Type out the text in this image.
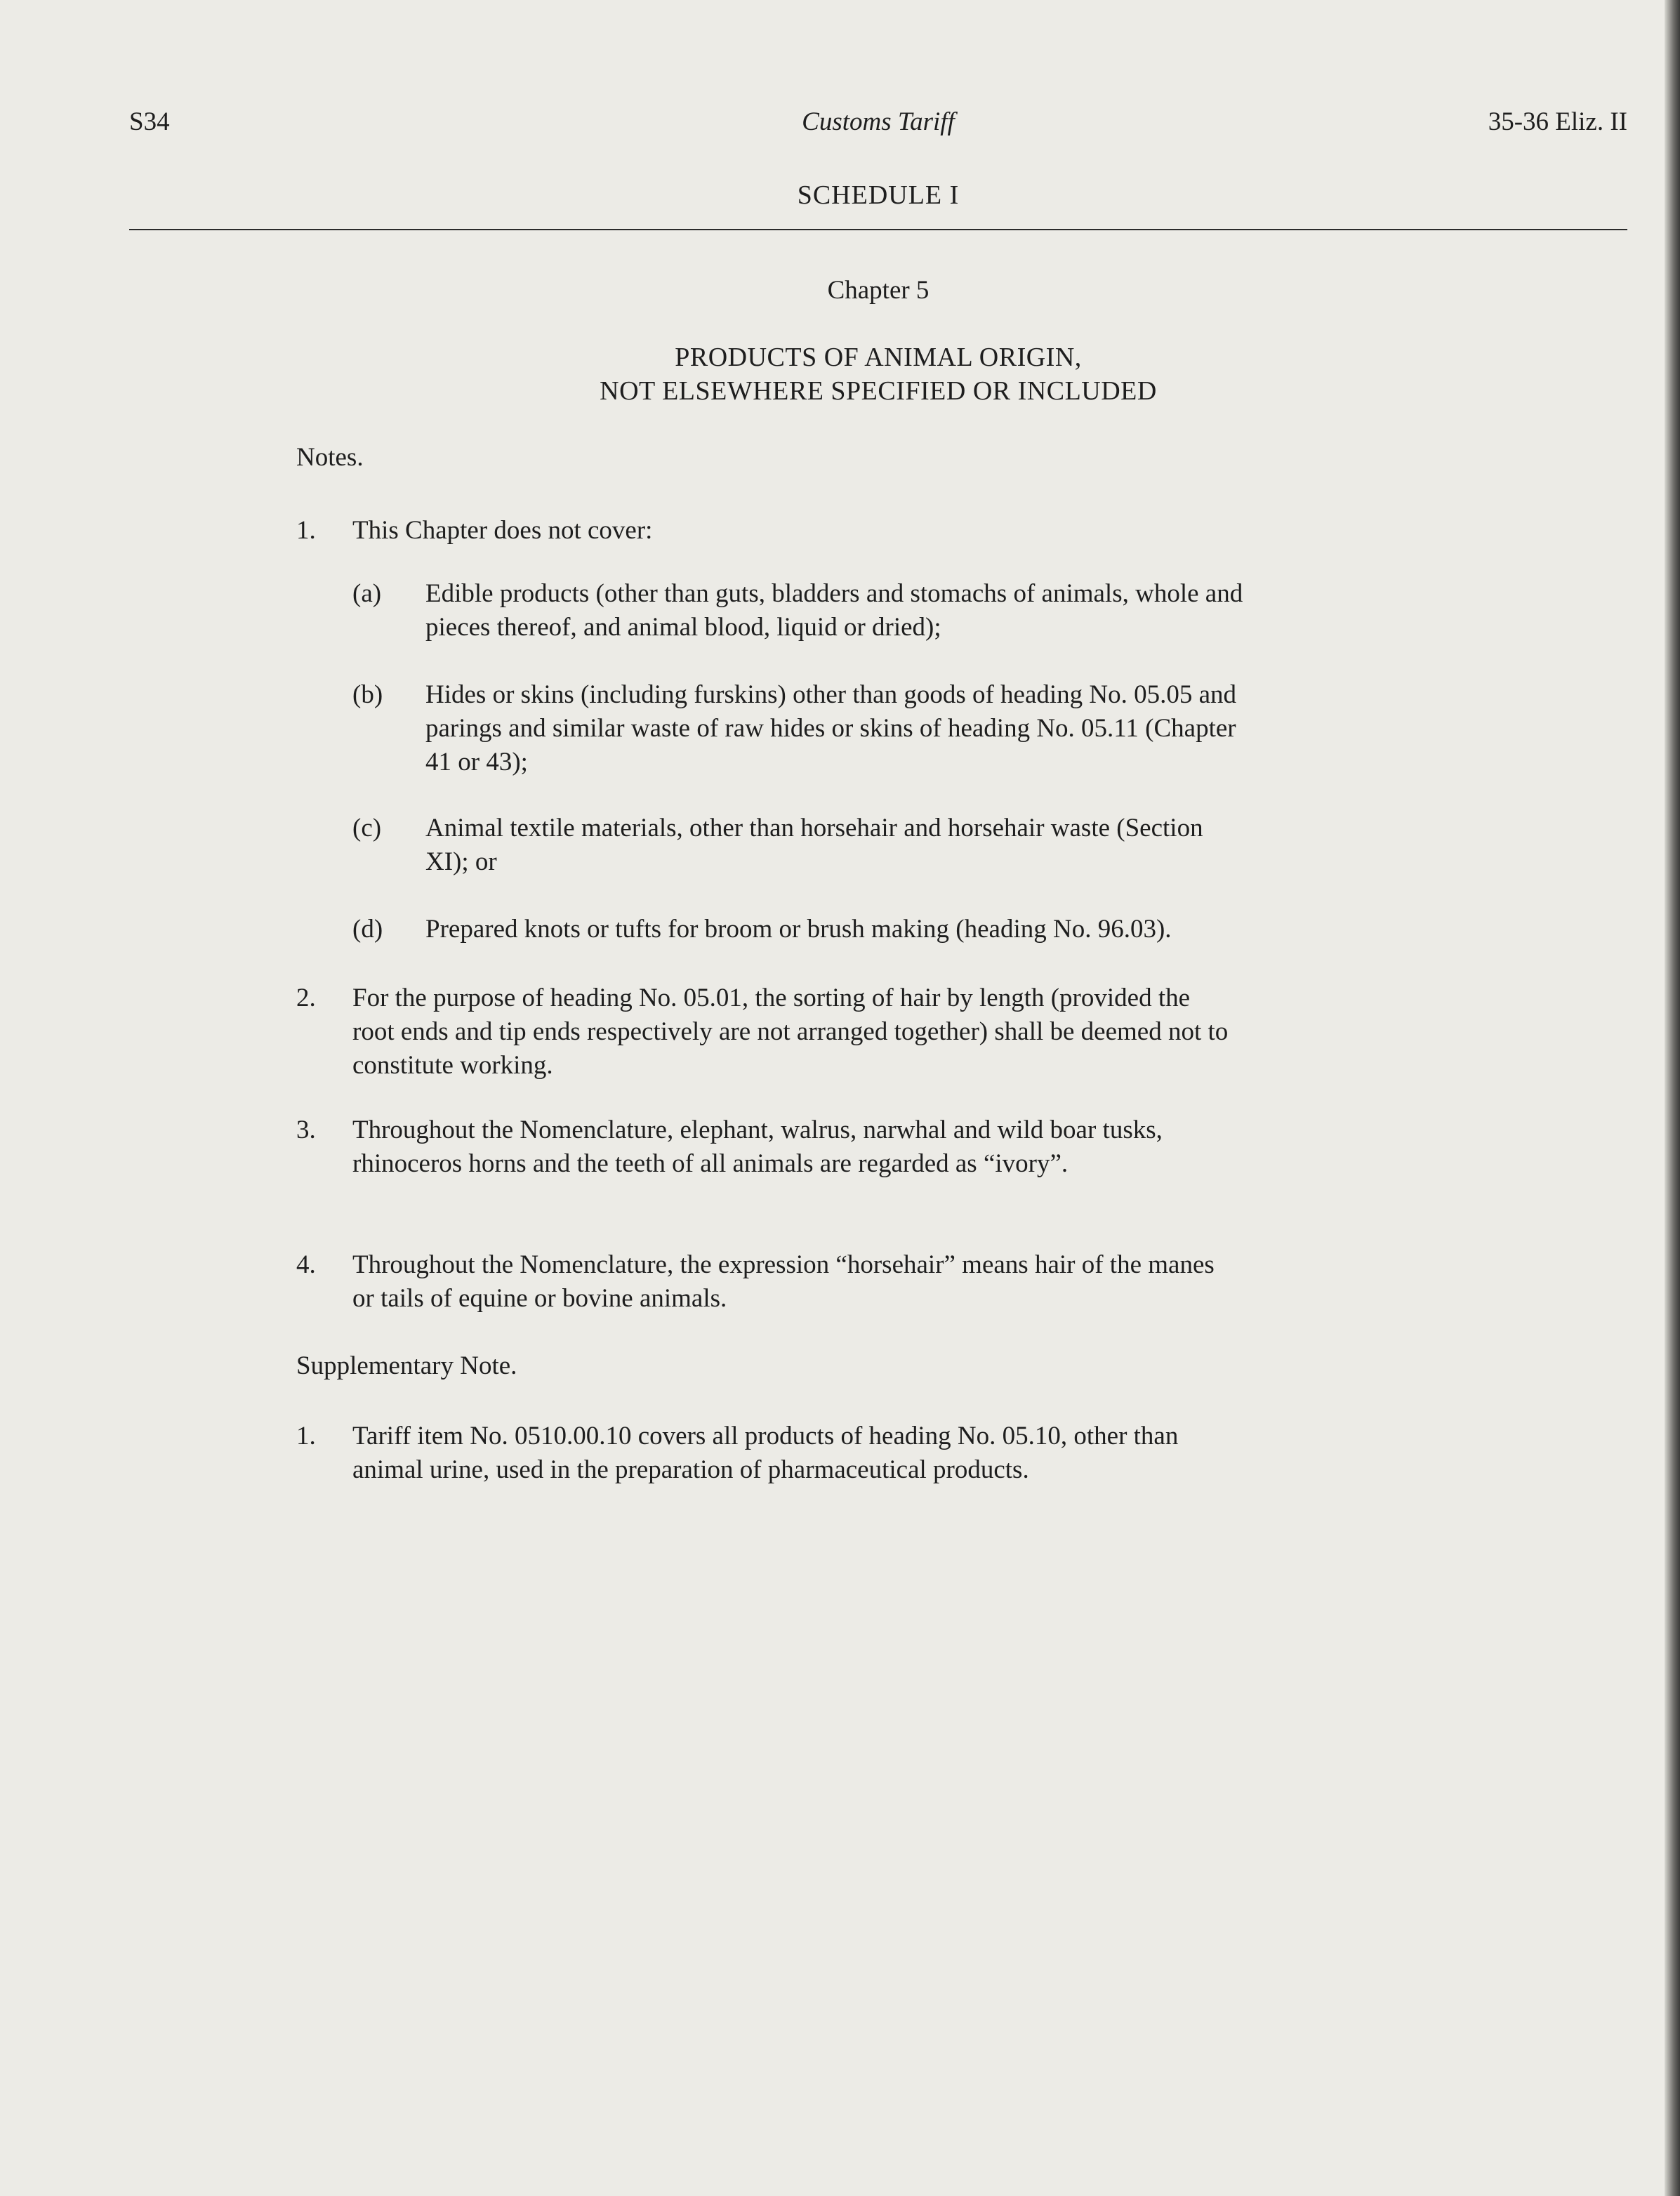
S34	Customs Tariff	35-36 Eliz. II
SCHEDULE I
Chapter 5
PRODUCTS OF ANIMAL ORIGIN,
NOT ELSEWHERE SPECIFIED OR INCLUDED
Notes.
1. This Chapter does not cover:
(a) Edible products (other than guts, bladders and stomachs of animals, whole and
pieces thereof, and animal blood, liquid or dried);
(b) Hides or skins (including furskins) other than goods of heading No. 05.05 and
parings and similar waste of raw hides or skins of heading No. 05.11 (Chapter
41 or 43);
(c) Animal textile materials, other than horsehair and horsehair waste (Section
XI); or
(d) Prepared knots or tufts for broom or brush making (heading No. 96.03).
2. For the purpose of heading No. 05.01, the sorting of hair by length (provided the
root ends and tip ends respectively are not arranged together) shall be deemed not to
constitute working.
3. Throughout the Nomenclature, elephant, walrus, narwhal and wild boar tusks,
rhinoceros horns and the teeth of all animals are regarded as “ivory”.
4. Throughout the Nomenclature, the expression “horsehair” means hair of the manes
or tails of equine or bovine animals.
Supplementary Note.
1. Tariff item No. 0510.00.10 covers all products of heading No. 05.10, other than
animal urine, used in the preparation of pharmaceutical products.
